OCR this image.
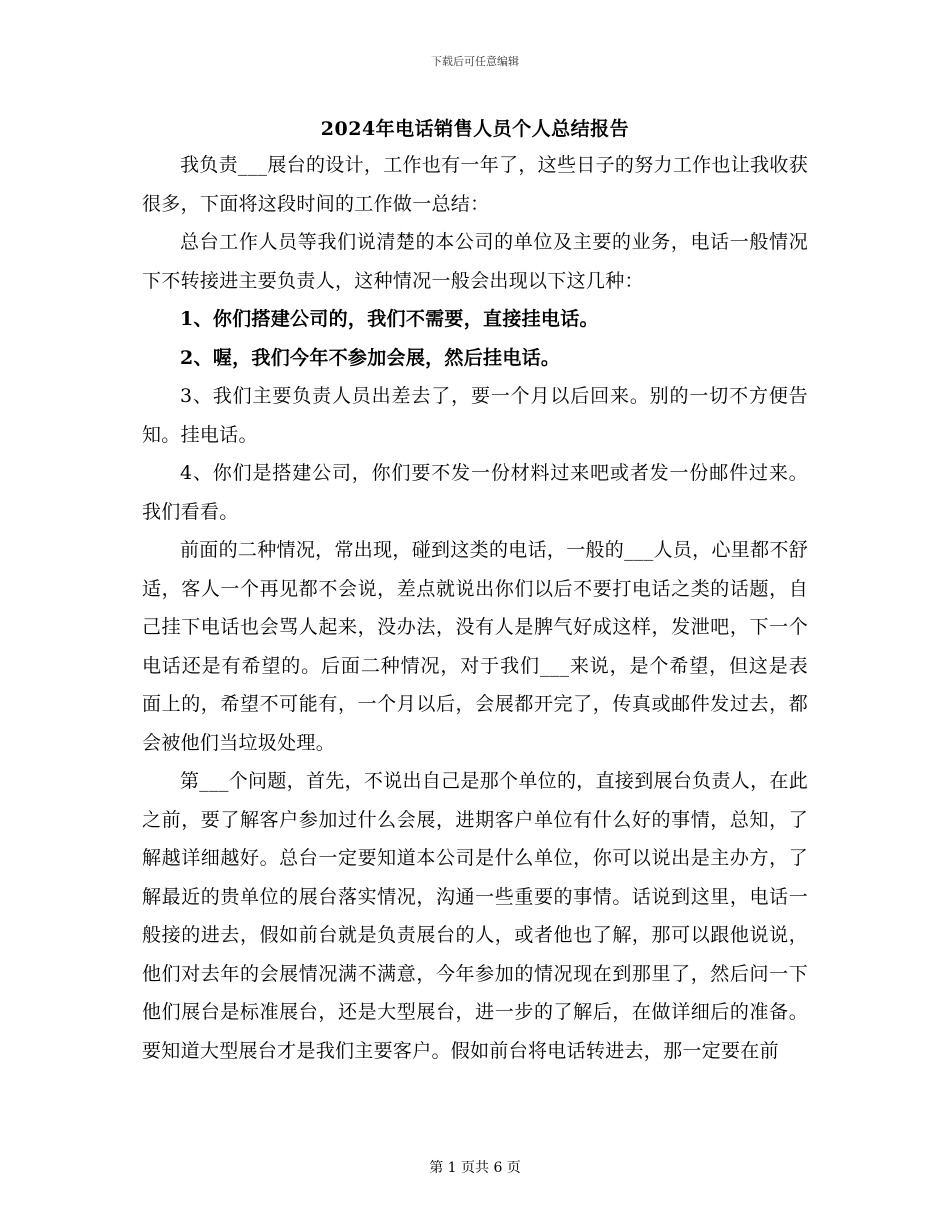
下载后可任意编辑
2024年电话销售人员个人总结报告

我负责___展台的设计，工作也有一年了，这些日子的努力工作也让我收获很多，下面将这段时间的工作做一总结：

总台工作人员等我们说清楚的本公司的单位及主要的业务，电话一般情况下不转接进主要负责人，这种情况一般会出现以下这几种：

1、你们搭建公司的，我们不需要，直接挂电话。

2、喔，我们今年不参加会展，然后挂电话。

3、我们主要负责人员出差去了，要一个月以后回来。别的一切不方便告知。挂电话。

4、你们是搭建公司，你们要不发一份材料过来吧或者发一份邮件过来。我们看看。

前面的二种情况，常出现，碰到这类的电话，一般的___人员，心里都不舒适，客人一个再见都不会说，差点就说出你们以后不要打电话之类的话题，自己挂下电话也会骂人起来，没办法，没有人是脾气好成这样，发泄吧，下一个电话还是有希望的。后面二种情况，对于我们___来说，是个希望，但这是表面上的，希望不可能有，一个月以后，会展都开完了，传真或邮件发过去，都会被他们当垃圾处理。

第___个问题，首先，不说出自己是那个单位的，直接到展台负责人，在此之前，要了解客户参加过什么会展，进期客户单位有什么好的事情，总知，了解越详细越好。总台一定要知道本公司是什么单位，你可以说出是主办方，了解最近的贵单位的展台落实情况，沟通一些重要的事情。话说到这里，电话一般接的进去，假如前台就是负责展台的人，或者他也了解，那可以跟他说说，他们对去年的会展情况满不满意，今年参加的情况现在到那里了，然后问一下他们展台是标准展台，还是大型展台，进一步的了解后，在做详细后的准备。要知道大型展台才是我们主要客户。假如前台将电话转进去，那一定要在前

第 1 页共 6 页
